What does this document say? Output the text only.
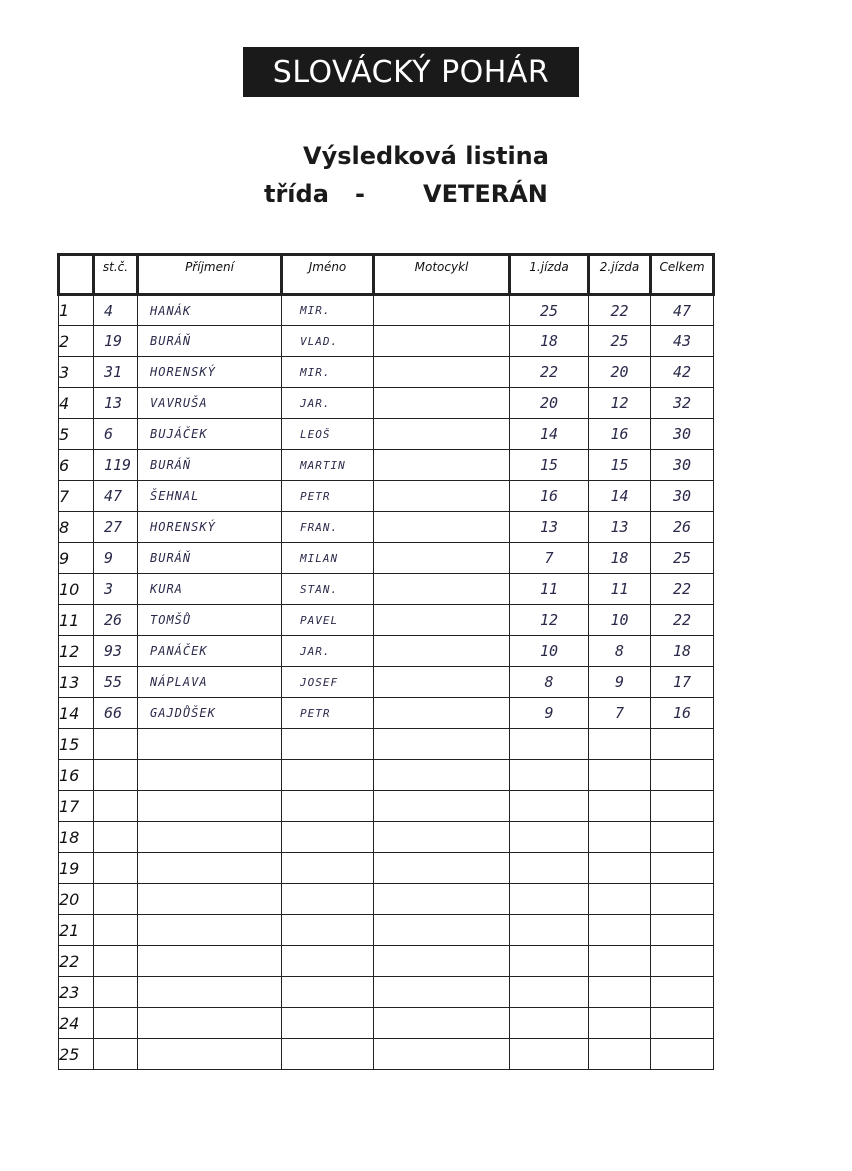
SLOVÁCKÝ POHÁR
Výsledková listina
třída - VETERÁN
	st.č.	Příjmení	Jméno	Motocykl	1.jízda	2.jízda	Celkem
1	4	HANÁK	MIR.		25	22	47
2	19	BURÁŇ	VLAD.		18	25	43
3	31	HORENSKÝ	MIR.		22	20	42
4	13	VAVRUŠA	JAR.		20	12	32
5	6	BUJÁČEK	LEOŠ		14	16	30
6	119	BURÁŇ	MARTIN		15	15	30
7	47	ŠEHNAL	PETR		16	14	30
8	27	HORENSKÝ	FRAN.		13	13	26
9	9	BURÁŇ	MILAN		7	18	25
10	3	KURA	STAN.		11	11	22
11	26	TOMŠŮ	PAVEL		12	10	22
12	93	PANÁČEK	JAR.		10	8	18
13	55	NÁPLAVA	JOSEF		8	9	17
14	66	GAJDŮŠEK	PETR		9	7	16
15							
16							
17							
18							
19							
20							
21							
22							
23							
24							
25							
